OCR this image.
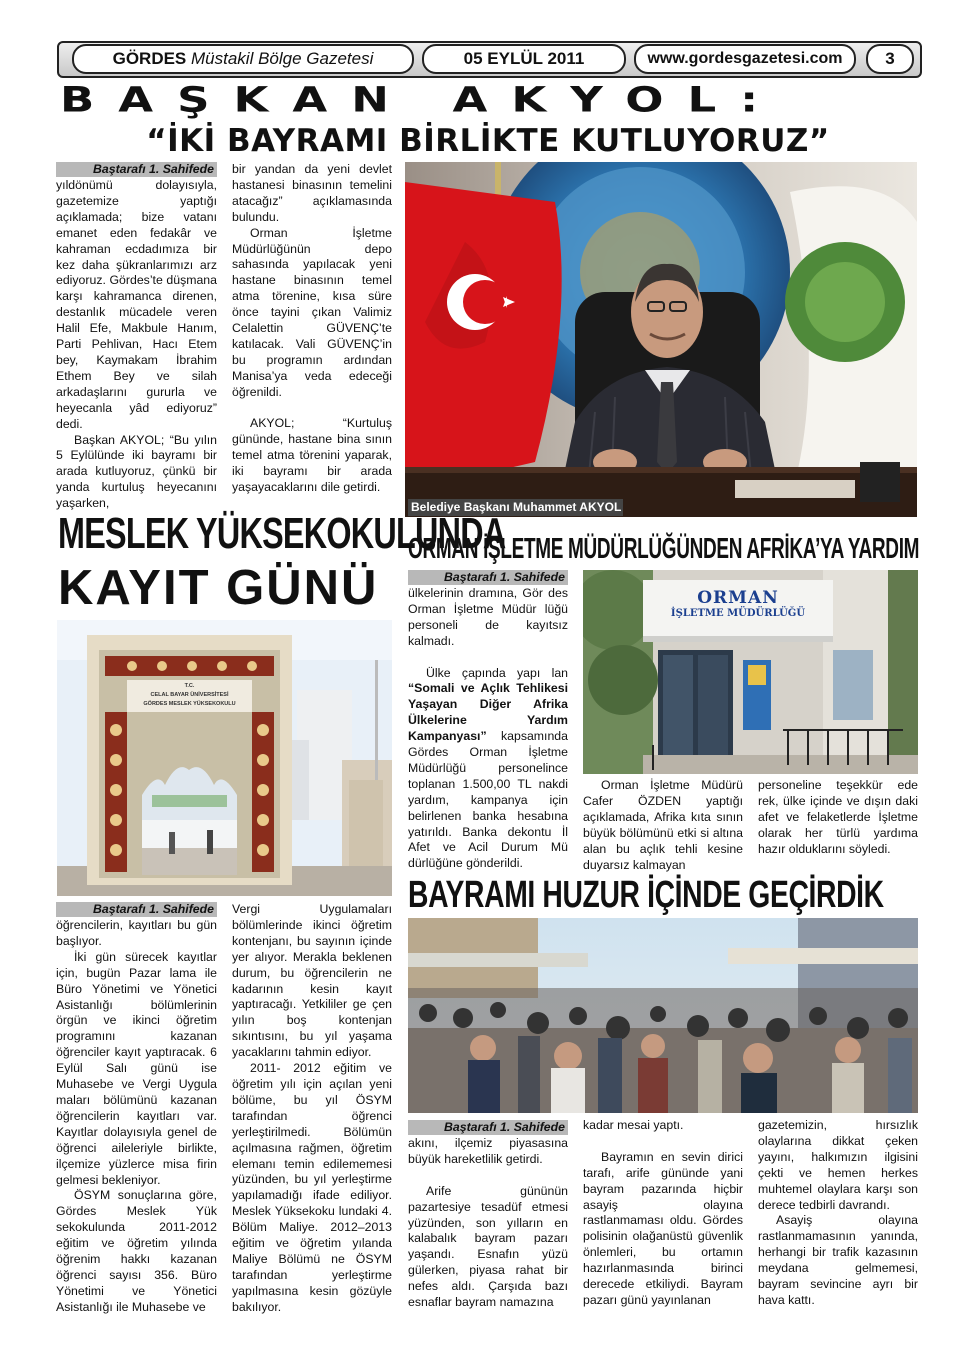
GÖRDES Müstakil Bölge Gazetesi	05 EYLÜL 2011	www.gordesgazetesi.com	3
BAŞKAN AKYOL:
“İKİ BAYRAMI BİRLİKTE KUTLUYORUZ”
Baştarafı 1. Sahifede

yıldönümü dolayısıyla, gazetemize yaptığı açıklamada; bize vatanı emanet eden fedakâr ve kahraman ecdadımıza bir kez daha şükranlarımızı arz ediyoruz. Gördes’te düşmana karşı kahramanca direnen, destanlık mücadele veren Halil Efe, Makbule Hanım, Parti Pehlivan, Hacı Etem bey, Kaymakam İbrahim Ethem Bey ve silah arkadaşlarını gururla ve heyecanla yâd ediyoruz” dedi.

Başkan AKYOL; “Bu yılın 5 Eylülünde iki bayramı bir arada kutluyoruz, çünkü bir yanda kurtuluş heyecanını yaşarken,

bir yandan da yeni devlet hastanesi binasının temelini atacağız” açıklamasında bulundu.

Orman İşletme Müdürlüğünün depo sahasında yapılacak yeni hastane binasının temel atma törenine, kısa süre önce tayini çıkan Valimiz Celalettin GÜVENÇ’te katılacak. Vali GÜVENÇ’in bu programın ardından Manisa’ya veda edeceği öğrenildi.

AKYOL; “Kurtuluş gününde, hastane bina sının temel atma törenini yaparak, iki bayramı bir arada yaşayacaklarını dile getirdi.

Belediye Başkanı Muhammet AKYOL
MESLEK YÜKSEKOKULUNDA
KAYIT GÜNÜ
T.C.
CELAL BAYAR ÜNİVERSİTESİ
GÖRDES MESLEK YÜKSEKOKULU
Baştarafı 1. Sahifede

öğrencilerin, kayıtları bu gün başlıyor.

İki gün sürecek kayıtlar için, bugün Pazar lama ile Büro Yönetimi ve Yönetici Asistanlığı bölümlerinin örgün ve ikinci öğretim programını kazanan öğrenciler kayıt yaptıracak. 6 Eylül Salı günü ise Muhasebe ve Vergi Uygula maları bölümünü kazanan öğrencilerin kayıtları var. Kayıtlar dolayısıyla genel de öğrenci aileleriyle birlikte, ilçemize yüzlerce misa firin gelmesi bekleniyor.

ÖSYM sonuçlarına göre, Gördes Meslek Yük sekokulunda 2011-2012 eğitim ve öğretim yılında öğrenim hakkı kazanan öğrenci sayısı 356. Büro Yönetimi ve Yönetici Asistanlığı ile Muhasebe ve

Vergi Uygulamaları bölümlerinde ikinci öğretim kontenjanı, bu sayının içinde yer alıyor. Merakla beklenen durum, bu öğrencilerin ne kadarının kesin kayıt yaptıracağı. Yetkililer ge çen yılın boş kontenjan sıkıntısını, bu yıl yaşama yacaklarını tahmin ediyor.

2011- 2012 eğitim ve öğretim yılı için açılan yeni bölüme, bu yıl ÖSYM tarafından öğrenci yerleştirilmedi. Bölümün açılmasına rağmen, öğretim elemanı temin edilememesi yüzünden, bu yıl yerleştirme yapılamadığı ifade ediliyor. Meslek Yüksekoku lundaki 4. Bölüm Maliye. 2012–2013 eğitim ve öğretim yılanda Maliye Bölümü ne ÖSYM tarafından yerleştirme yapılmasına kesin gözüyle bakılıyor.

ORMAN İŞLETME MÜDÜRLÜĞÜNDEN AFRİKA’YA YARDIM
Baştarafı 1. Sahifede

ülkelerinin dramına, Gör des Orman İşletme Müdür lüğü personeli de kayıtsız kalmadı.

Ülke çapında yapı lan “Somali ve Açlık Tehlikesi Yaşayan Diğer Afrika Ülkelerine Yardım Kampanyası” kapsamında Gördes Orman İşletme Müdürlüğü personelince toplanan 1.500,00 TL nakdi yardım, kampanya için belirlenen banka hesabına yatırıldı. Banka dekontu İl Afet ve Acil Durum Mü dürlüğüne gönderildi.

ORMAN
İŞLETME MÜDÜRLÜĞÜ

Orman İşletme Müdürü Cafer ÖZDEN yaptığı açıklamada, Afrika kıta sının büyük bölümünü etki si altına alan bu açlık tehli kesine duyarsız kalmayan

personeline teşekkür ede rek, ülke içinde ve dışın daki afet ve felaketlerde İşletme olarak her türlü yardıma hazır olduklarını söyledi.

BAYRAMI HUZUR İÇİNDE GEÇİRDİK
Baştarafı 1. Sahifede

akını, ilçemiz piyasasına büyük hareketlilik getirdi.

Arife gününün pazartesiye tesadüf etmesi yüzünden, son yılların en kalabalık bayram pazarı yaşandı. Esnafın yüzü gülerken, piyasa rahat bir nefes aldı. Çarşıda bazı esnaflar bayram namazına

kadar mesai yaptı.

Bayramın en sevin dirici tarafı, arife gününde yani bayram pazarında hiçbir asayiş olayına rastlanmaması oldu. Gördes polisinin olağanüstü güvenlik önlemleri, bu ortamın hazırlanmasında birinci derecede etkiliydi. Bayram pazarı günü yayınlanan

gazetemizin, hırsızlık olaylarına dikkat çeken yayını, halkımızın ilgisini çekti ve hemen herkes muhtemel olaylara karşı son derece tedbirli davrandı.

Asayiş olayına rastlanmamasının yanında, herhangi bir trafik kazasının meydana gelmemesi, bayram sevincine ayrı bir hava kattı.
